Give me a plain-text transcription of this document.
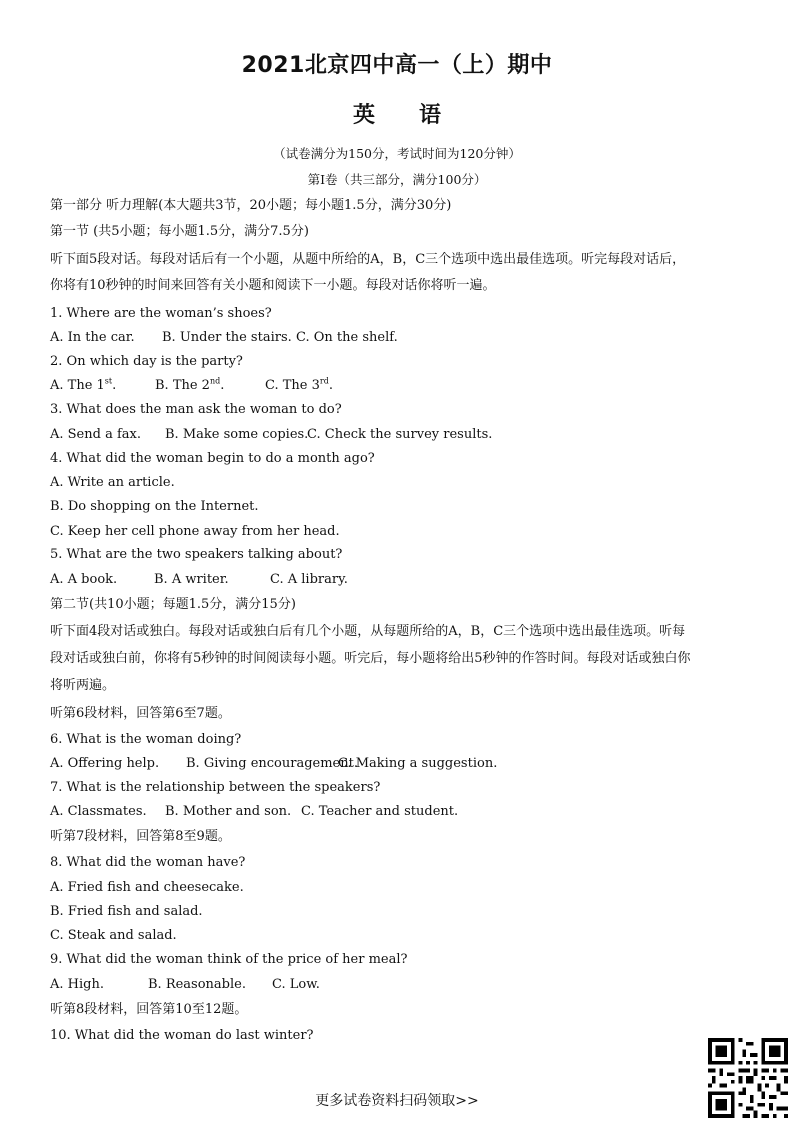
2021北京四中高一（上）期中
英 语
（试卷满分为150分，考试时间为120分钟）
第Ⅰ卷（共三部分，满分100分）
第一部分 听力理解(本大题共3节，20小题；每小题1.5分，满分30分)
第一节 (共5小题；每小题1.5分，满分7.5分)
听下面5段对话。每段对话后有一个小题，从题中所给的A，B，C三个选项中选出最佳选项。听完每段对话后，
你将有10秒钟的时间来回答有关小题和阅读下一小题。每段对话你将听一遍。
1. Where are the woman’s shoes?
A. In the car. B. Under the stairs. C. On the shelf.
2. On which day is the party?
A. The 1st.	B. The 2nd.	C. The 3rd.
3. What does the man ask the woman to do?
A. Send a fax. B. Make some copies.C. Check the survey results.
4. What did the woman begin to do a month ago?
A. Write an article.
B. Do shopping on the Internet.
C. Keep her cell phone away from her head.
5. What are the two speakers talking about?
A. A book.	B. A writer.	C. A library.
第二节(共10小题；每题1.5分，满分15分)
听下面4段对话或独白。每段对话或独白后有几个小题，从每题所给的A，B，C三个选项中选出最佳选项。听每
段对话或独白前，你将有5秒钟的时间阅读每小题。听完后，每小题将给出5秒钟的作答时间。每段对话或独白你
将听两遍。
听第6段材料，回答第6至7题。
6. What is the woman doing?
A. Offering help. B. Giving encouragement.C. Making a suggestion.
7. What is the relationship between the speakers?
A. Classmates. B. Mother and son. C. Teacher and student.
听第7段材料，回答第8至9题。
8. What did the woman have?
A. Fried fish and cheesecake.
B. Fried fish and salad.
C. Steak and salad.
9. What did the woman think of the price of her meal?
A. High.	B. Reasonable. C. Low.
听第8段材料，回答第10至12题。
10. What did the woman do last winter?
更多试卷资料扫码领取>>
